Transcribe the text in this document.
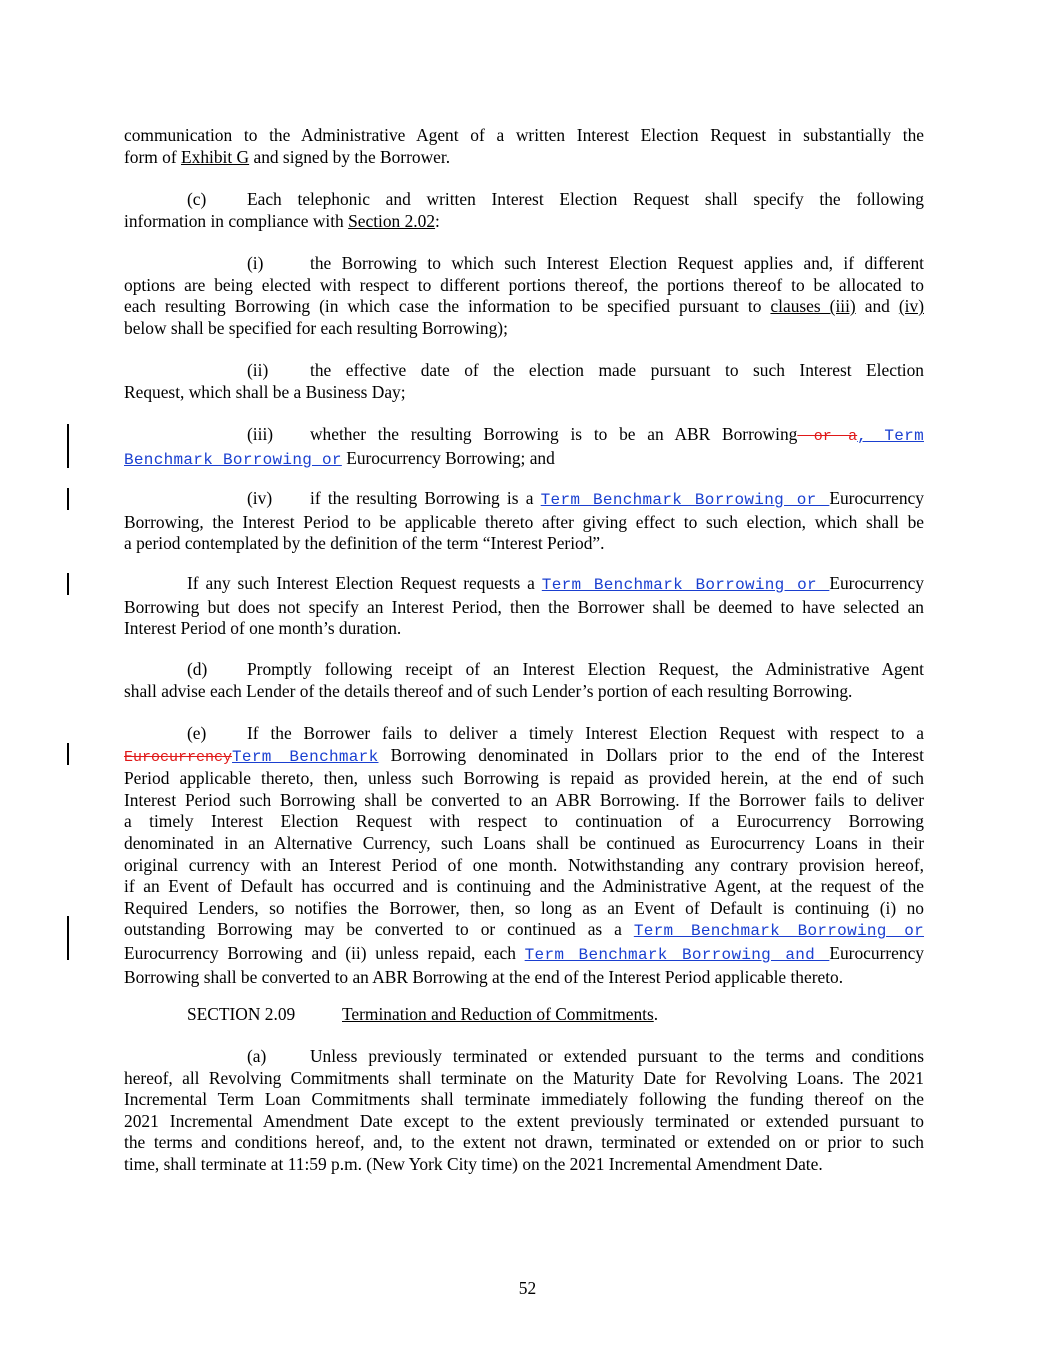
communication to the Administrative Agent of a written Interest Election Request in substantially the
form of Exhibit G and signed by the Borrower.
(c) Each telephonic and written Interest Election Request shall specify the following
information in compliance with Section 2.02:
(i)	the Borrowing to which such Interest Election Request applies and, if different
options are being elected with respect to different portions thereof, the portions thereof to be allocated to
each resulting Borrowing (in which case the information to be specified pursuant to clauses (iii) and (iv)
below shall be specified for each resulting Borrowing);
(ii) the effective date of the election made pursuant to such Interest Election
Request, which shall be a Business Day;
(iii) whether the resulting Borrowing is to be an ABR Borrowing or a, Term
Benchmark Borrowing or Eurocurrency Borrowing; and
(iv) if the resulting Borrowing is a Term Benchmark Borrowing or Eurocurrency
Borrowing, the Interest Period to be applicable thereto after giving effect to such election, which shall be
a period contemplated by the definition of the term “Interest Period”.
If any such Interest Election Request requests a Term Benchmark Borrowing or Eurocurrency
Borrowing but does not specify an Interest Period, then the Borrower shall be deemed to have selected an
Interest Period of one month’s duration.
(d) Promptly following receipt of an Interest Election Request, the Administrative Agent
shall advise each Lender of the details thereof and of such Lender’s portion of each resulting Borrowing.
(e) If the Borrower fails to deliver a timely Interest Election Request with respect to a
EurocurrencyTerm Benchmark Borrowing denominated in Dollars prior to the end of the Interest
Period applicable thereto, then, unless such Borrowing is repaid as provided herein, at the end of such
Interest Period such Borrowing shall be converted to an ABR Borrowing. If the Borrower fails to deliver
a timely Interest Election Request with respect to continuation of a Eurocurrency Borrowing
denominated in an Alternative Currency, such Loans shall be continued as Eurocurrency Loans in their
original currency with an Interest Period of one month. Notwithstanding any contrary provision hereof,
if an Event of Default has occurred and is continuing and the Administrative Agent, at the request of the
Required Lenders, so notifies the Borrower, then, so long as an Event of Default is continuing (i) no
outstanding Borrowing may be converted to or continued as a Term Benchmark Borrowing or
Eurocurrency Borrowing and (ii) unless repaid, each Term Benchmark Borrowing and Eurocurrency
Borrowing shall be converted to an ABR Borrowing at the end of the Interest Period applicable thereto.
SECTION 2.09	Termination and Reduction of Commitments.
(a)	Unless previously terminated or extended pursuant to the terms and conditions
hereof, all Revolving Commitments shall terminate on the Maturity Date for Revolving Loans. The 2021
Incremental Term Loan Commitments shall terminate immediately following the funding thereof on the
2021 Incremental Amendment Date except to the extent previously terminated or extended pursuant to
the terms and conditions hereof, and, to the extent not drawn, terminated or extended on or prior to such
time, shall terminate at 11:59 p.m. (New York City time) on the 2021 Incremental Amendment Date.
52
